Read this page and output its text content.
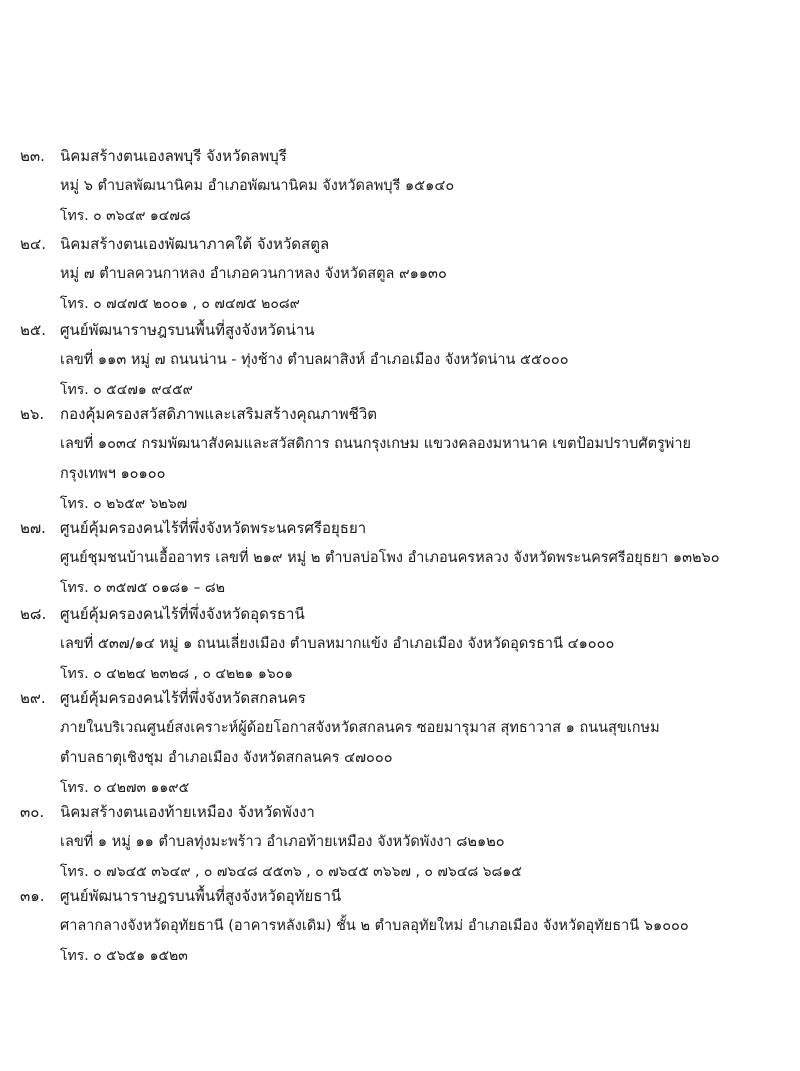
๒๓. นิคมสร้างตนเองลพบุรี จังหวัดลพบุรี
หมู่ ๖ ตำบลพัฒนานิคม อำเภอพัฒนานิคม จังหวัดลพบุรี ๑๕๑๔๐
โทร. ๐ ๓๖๔๙ ๑๔๗๘
๒๔. นิคมสร้างตนเองพัฒนาภาคใต้ จังหวัดสตูล
หมู่ ๗ ตำบลควนกาหลง อำเภอควนกาหลง จังหวัดสตูล ๙๑๑๓๐
โทร. ๐ ๗๔๗๕ ๒๐๐๑ , ๐ ๗๔๗๕ ๒๐๘๙
๒๕. ศูนย์พัฒนาราษฎรบนพื้นที่สูงจังหวัดน่าน
เลขที่ ๑๑๓ หมู่ ๗ ถนนน่าน - ทุ่งช้าง ตำบลผาสิงห์ อำเภอเมือง จังหวัดน่าน ๕๕๐๐๐
โทร. ๐ ๕๔๗๑ ๙๔๕๙
๒๖. กองคุ้มครองสวัสดิภาพและเสริมสร้างคุณภาพชีวิต
เลขที่ ๑๐๓๔ กรมพัฒนาสังคมและสวัสดิการ ถนนกรุงเกษม แขวงคลองมหานาค เขตป้อมปราบศัตรูพ่าย
กรุงเทพฯ ๑๐๑๐๐
โทร. ๐ ๒๖๕๙ ๖๒๖๗
๒๗. ศูนย์คุ้มครองคนไร้ที่พึ่งจังหวัดพระนครศรีอยุธยา
ศูนย์ชุมชนบ้านเอื้ออาทร เลขที่ ๒๑๙ หมู่ ๒ ตำบลบ่อโพง อำเภอนครหลวง จังหวัดพระนครศรีอยุธยา ๑๓๒๖๐
โทร. ๐ ๓๕๗๕ ๐๑๘๑ – ๘๒
๒๘. ศูนย์คุ้มครองคนไร้ที่พึ่งจังหวัดอุดรธานี
เลขที่ ๕๓๗/๑๔ หมู่ ๑ ถนนเลี่ยงเมือง ตำบลหมากแข้ง อำเภอเมือง จังหวัดอุดรธานี ๔๑๐๐๐
โทร. ๐ ๔๒๒๔ ๒๓๒๘ , ๐ ๔๒๒๑ ๑๖๐๑
๒๙. ศูนย์คุ้มครองคนไร้ที่พึ่งจังหวัดสกลนคร
ภายในบริเวณศูนย์สงเคราะห์ผู้ด้อยโอกาสจังหวัดสกลนคร ซอยมารุมาส สุทธาวาส ๑ ถนนสุขเกษม
ตำบลธาตุเชิงชุม อำเภอเมือง จังหวัดสกลนคร ๔๗๐๐๐
โทร. ๐ ๔๒๗๓ ๑๑๙๕
๓๐. นิคมสร้างตนเองท้ายเหมือง จังหวัดพังงา
เลขที่ ๑ หมู่ ๑๑ ตำบลทุ่งมะพร้าว อำเภอท้ายเหมือง จังหวัดพังงา ๘๒๑๒๐
โทร. ๐ ๗๖๔๕ ๓๖๔๙ , ๐ ๗๖๔๘ ๔๕๓๖ , ๐ ๗๖๔๕ ๓๖๖๗ , ๐ ๗๖๔๘ ๖๘๑๕
๓๑. ศูนย์พัฒนาราษฎรบนพื้นที่สูงจังหวัดอุทัยธานี
ศาลากลางจังหวัดอุทัยธานี (อาคารหลังเดิม) ชั้น ๒ ตำบลอุทัยใหม่ อำเภอเมือง จังหวัดอุทัยธานี ๖๑๐๐๐
โทร. ๐ ๕๖๕๑ ๑๕๒๓
